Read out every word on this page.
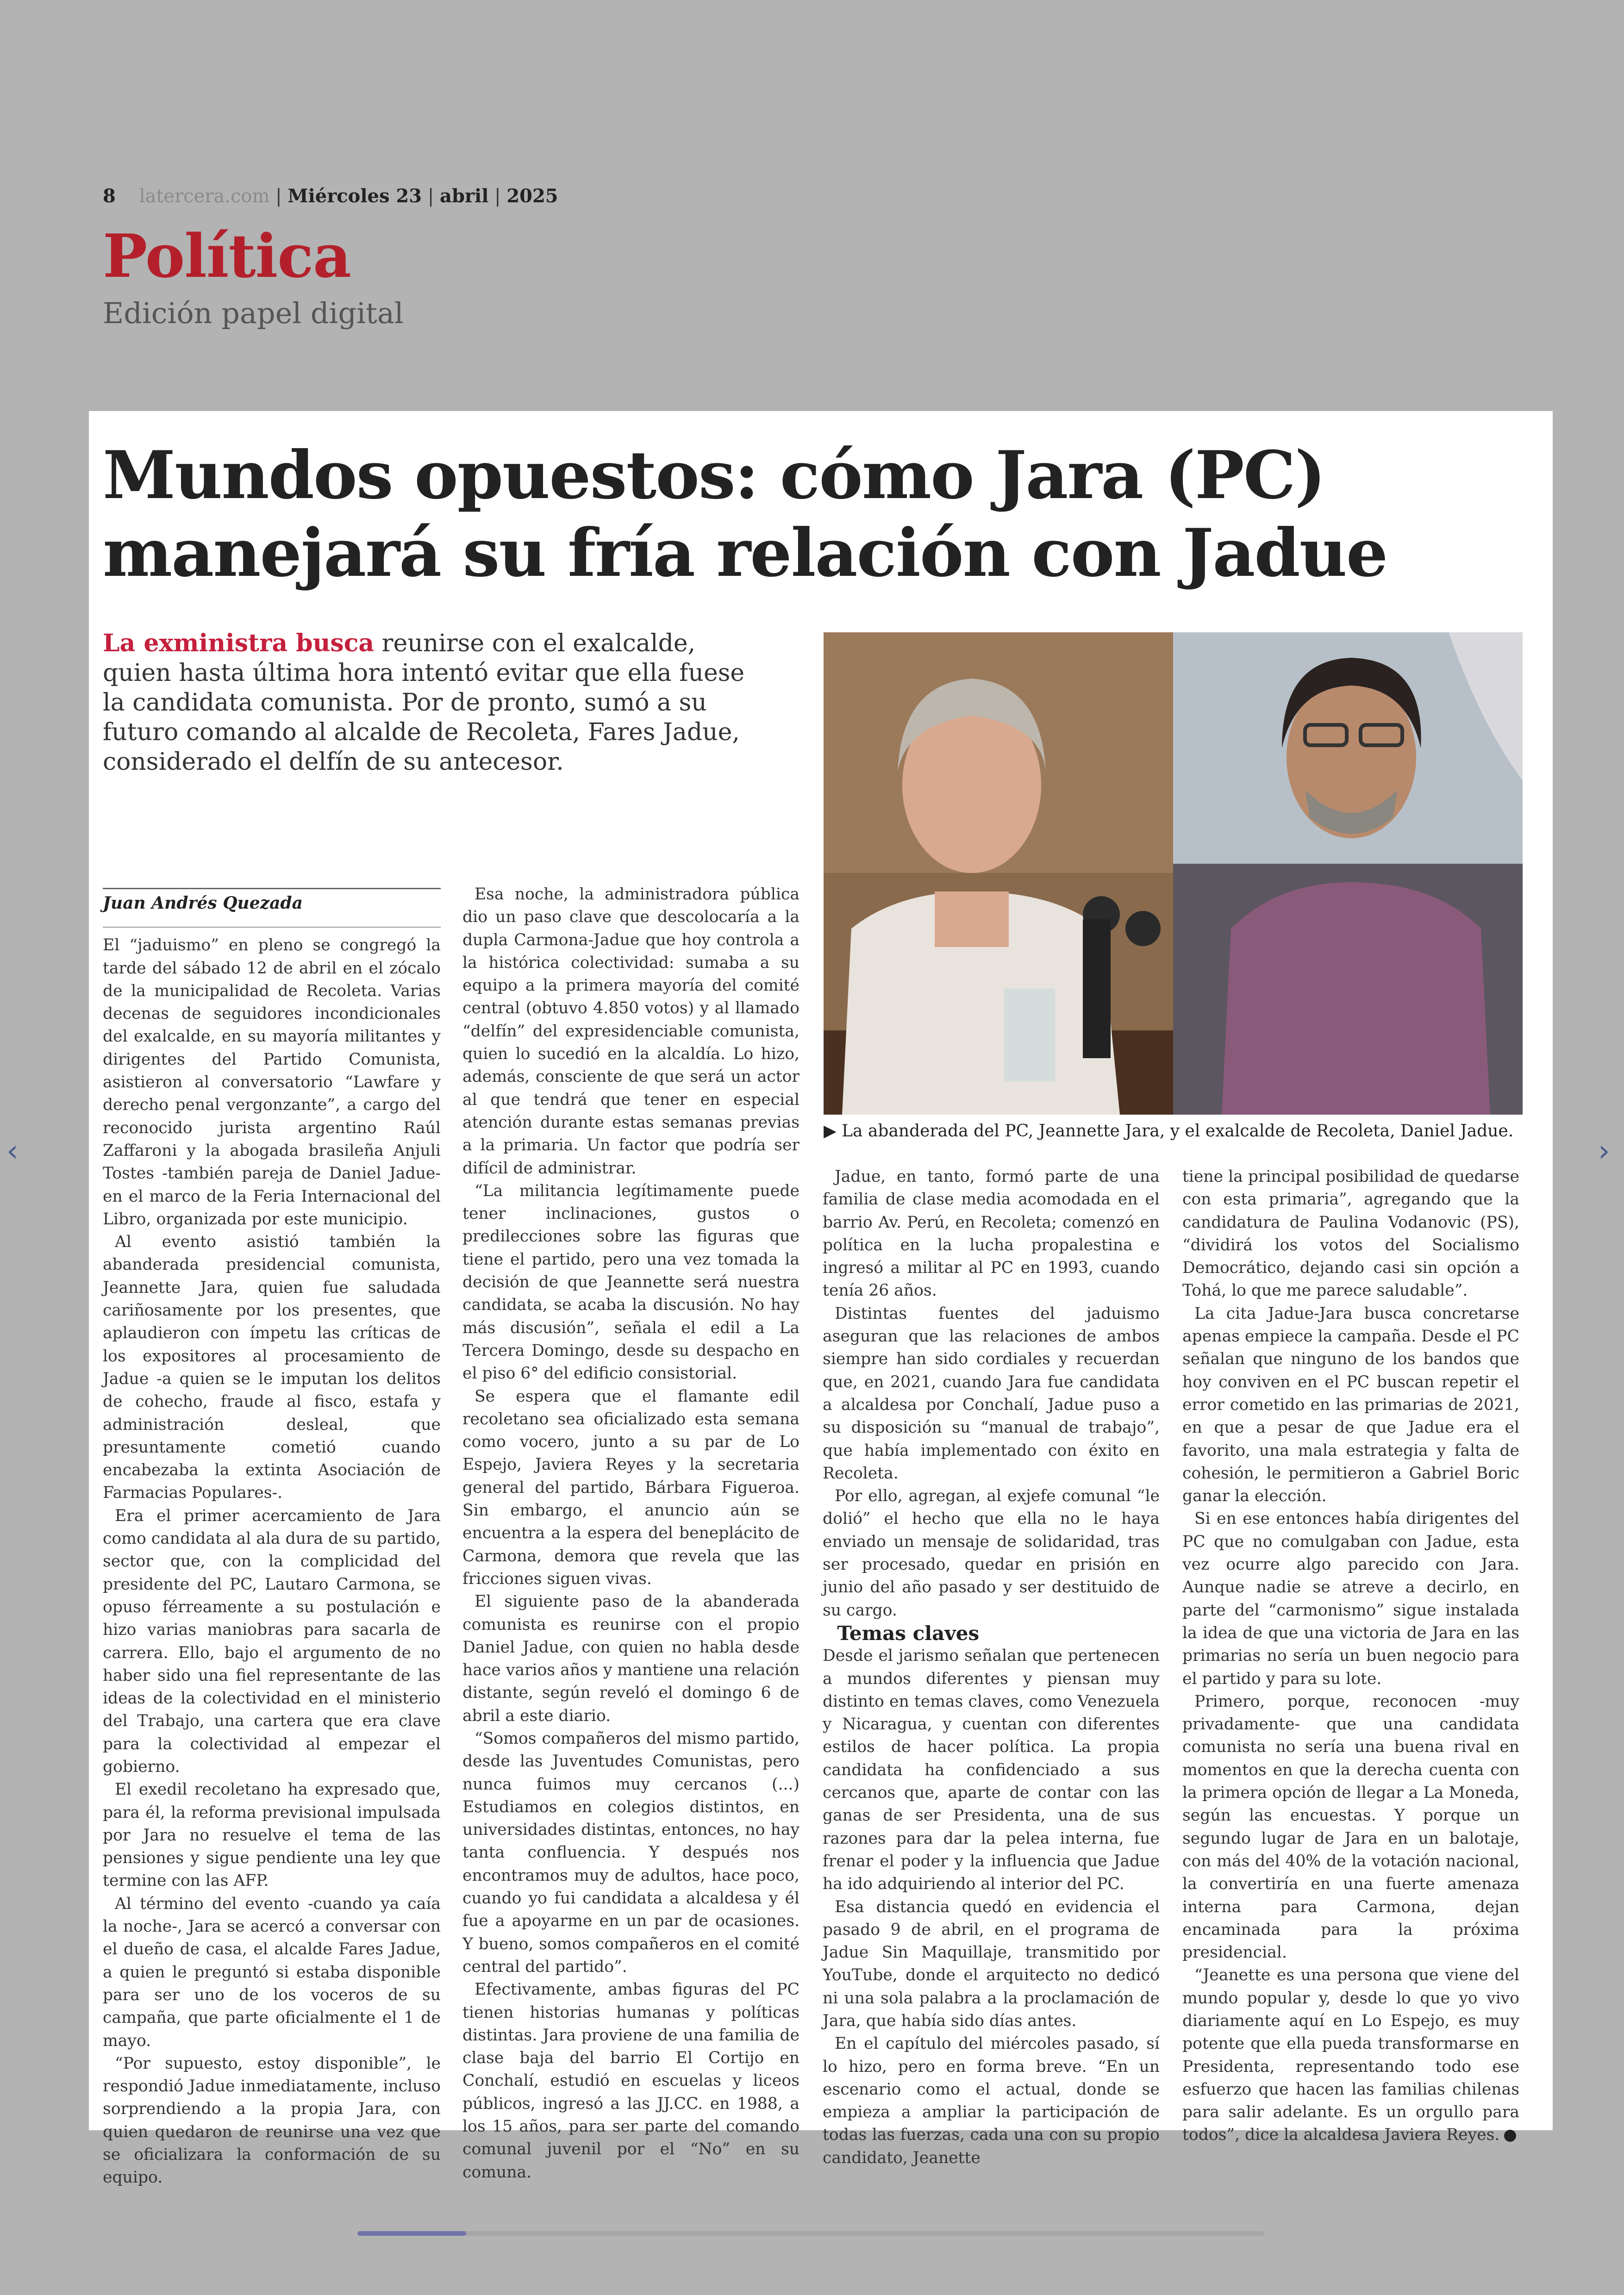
8 latercera.com | Miércoles 23 | abril | 2025
Política
Edición papel digital
‹	›
Mundos opuestos: cómo Jara (PC) manejará su fría relación con Jadue
La exministra busca reunirse con el exalcalde, quien hasta última hora intentó evitar que ella fuese la candidata comunista. Por de pronto, sumó a su futuro comando al alcalde de Recoleta, Fares Jadue, considerado el delfín de su antecesor.
▶ La abanderada del PC, Jeannette Jara, y el exalcalde de Recoleta, Daniel Jadue.
Juan Andrés Quezada

El “jaduismo” en pleno se congregó la tarde del sábado 12 de abril en el zócalo de la municipalidad de Recoleta. Varias decenas de seguidores incondicionales del exalcalde, en su mayoría militantes y dirigentes del Partido Comunista, asistieron al conversatorio “Lawfare y derecho penal vergonzante”, a cargo del reconocido jurista argentino Raúl Zaffaroni y la abogada brasileña Anjuli Tostes -también pareja de Daniel Jadue- en el marco de la Feria Internacional del Libro, organizada por este municipio.

Al evento asistió también la abanderada presidencial comunista, Jeannette Jara, quien fue saludada cariñosamente por los presentes, que aplaudieron con ímpetu las críticas de los expositores al procesamiento de Jadue -a quien se le imputan los delitos de cohecho, fraude al fisco, estafa y administración desleal, que presuntamente cometió cuando encabezaba la extinta Asociación de Farmacias Populares-.

Era el primer acercamiento de Jara como candidata al ala dura de su partido, sector que, con la complicidad del presidente del PC, Lautaro Carmona, se opuso férreamente a su postulación e hizo varias maniobras para sacarla de carrera. Ello, bajo el argumento de no haber sido una fiel representante de las ideas de la colectividad en el ministerio del Trabajo, una cartera que era clave para la colectividad al empezar el gobierno.

El exedil recoletano ha expresado que, para él, la reforma previsional impulsada por Jara no resuelve el tema de las pensiones y sigue pendiente una ley que termine con las AFP.

Al término del evento -cuando ya caía la noche-, Jara se acercó a conversar con el dueño de casa, el alcalde Fares Jadue, a quien le preguntó si estaba disponible para ser uno de los voceros de su campaña, que parte oficialmente el 1 de mayo.

“Por supuesto, estoy disponible”, le respondió Jadue inmediatamente, incluso sorprendiendo a la propia Jara, con quien quedaron de reunirse una vez que se oficializara la conformación de su equipo.

Esa noche, la administradora pública dio un paso clave que descolocaría a la dupla Carmona-Jadue que hoy controla a la histórica colectividad: sumaba a su equipo a la primera mayoría del comité central (obtuvo 4.850 votos) y al llamado “delfín” del expresidenciable comunista, quien lo sucedió en la alcaldía. Lo hizo, además, consciente de que será un actor al que tendrá que tener en especial atención durante estas semanas previas a la primaria. Un factor que podría ser difícil de administrar.

“La militancia legítimamente puede tener inclinaciones, gustos o predilecciones sobre las figuras que tiene el partido, pero una vez tomada la decisión de que Jeannette será nuestra candidata, se acaba la discusión. No hay más discusión”, señala el edil a La Tercera Domingo, desde su despacho en el piso 6° del edificio consistorial.

Se espera que el flamante edil recoletano sea oficializado esta semana como vocero, junto a su par de Lo Espejo, Javiera Reyes y la secretaria general del partido, Bárbara Figueroa. Sin embargo, el anuncio aún se encuentra a la espera del beneplácito de Carmona, demora que revela que las fricciones siguen vivas.

El siguiente paso de la abanderada comunista es reunirse con el propio Daniel Jadue, con quien no habla desde hace varios años y mantiene una relación distante, según reveló el domingo 6 de abril a este diario.

“Somos compañeros del mismo partido, desde las Juventudes Comunistas, pero nunca fuimos muy cercanos (...) Estudiamos en colegios distintos, en universidades distintas, entonces, no hay tanta confluencia. Y después nos encontramos muy de adultos, hace poco, cuando yo fui candidata a alcaldesa y él fue a apoyarme en un par de ocasiones. Y bueno, somos compañeros en el comité central del partido”.

Efectivamente, ambas figuras del PC tienen historias humanas y políticas distintas. Jara proviene de una familia de clase baja del barrio El Cortijo en Conchalí, estudió en escuelas y liceos públicos, ingresó a las JJ.CC. en 1988, a los 15 años, para ser parte del comando comunal juvenil por el “No” en su comuna.

Jadue, en tanto, formó parte de una familia de clase media acomodada en el barrio Av. Perú, en Recoleta; comenzó en política en la lucha propalestina e ingresó a militar al PC en 1993, cuando tenía 26 años.

Distintas fuentes del jaduismo aseguran que las relaciones de ambos siempre han sido cordiales y recuerdan que, en 2021, cuando Jara fue candidata a alcaldesa por Conchalí, Jadue puso a su disposición su “manual de trabajo”, que había implementado con éxito en Recoleta.

Por ello, agregan, al exjefe comunal “le dolió” el hecho que ella no le haya enviado un mensaje de solidaridad, tras ser procesado, quedar en prisión en junio del año pasado y ser destituido de su cargo.

Temas claves

Desde el jarismo señalan que pertenecen a mundos diferentes y piensan muy distinto en temas claves, como Venezuela y Nicaragua, y cuentan con diferentes estilos de hacer política. La propia candidata ha confidenciado a sus cercanos que, aparte de contar con las ganas de ser Presidenta, una de sus razones para dar la pelea interna, fue frenar el poder y la influencia que Jadue ha ido adquiriendo al interior del PC.

Esa distancia quedó en evidencia el pasado 9 de abril, en el programa de Jadue Sin Maquillaje, transmitido por YouTube, donde el arquitecto no dedicó ni una sola palabra a la proclamación de Jara, que había sido días antes.

En el capítulo del miércoles pasado, sí lo hizo, pero en forma breve. “En un escenario como el actual, donde se empieza a ampliar la participación de todas las fuerzas, cada una con su propio candidato, Jeanette

tiene la principal posibilidad de quedarse con esta primaria”, agregando que la candidatura de Paulina Vodanovic (PS), “dividirá los votos del Socialismo Democrático, dejando casi sin opción a Tohá, lo que me parece saludable”.

La cita Jadue-Jara busca concretarse apenas empiece la campaña. Desde el PC señalan que ninguno de los bandos que hoy conviven en el PC buscan repetir el error cometido en las primarias de 2021, en que a pesar de que Jadue era el favorito, una mala estrategia y falta de cohesión, le permitieron a Gabriel Boric ganar la elección.

Si en ese entonces había dirigentes del PC que no comulgaban con Jadue, esta vez ocurre algo parecido con Jara. Aunque nadie se atreve a decirlo, en parte del “carmonismo” sigue instalada la idea de que una victoria de Jara en las primarias no sería un buen negocio para el partido y para su lote.

Primero, porque, reconocen -muy privadamente- que una candidata comunista no sería una buena rival en momentos en que la derecha cuenta con la primera opción de llegar a La Moneda, según las encuestas. Y porque un segundo lugar de Jara en un balotaje, con más del 40% de la votación nacional, la convertiría en una fuerte amenaza interna para Carmona, dejan encaminada para la próxima presidencial.

“Jeanette es una persona que viene del mundo popular y, desde lo que yo vivo diariamente aquí en Lo Espejo, es muy potente que ella pueda transformarse en Presidenta, representando todo ese esfuerzo que hacen las familias chilenas para salir adelante. Es un orgullo para todos”, dice la alcaldesa Javiera Reyes.
